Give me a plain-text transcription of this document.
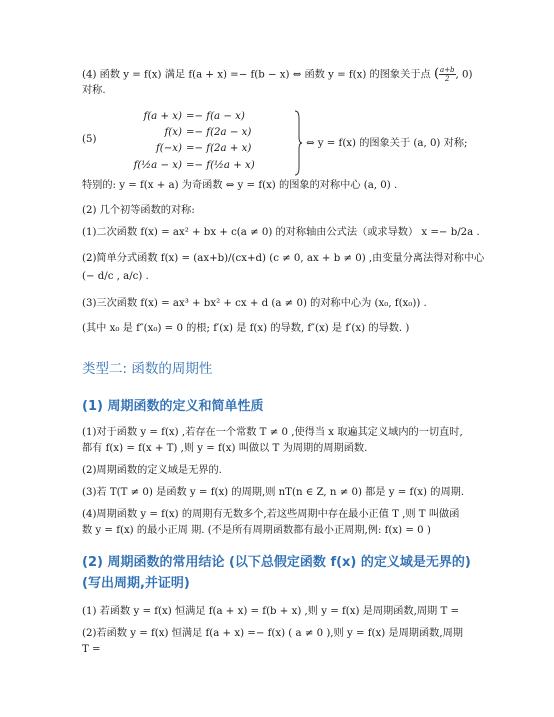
(4) 函数 y = f(x) 满足 f(a + x) =− f(b − x) ⇔ 函数 y = f(x) 的图象关于点 ( $\frac{a+b}{2}$ , 0)
对称.
(5)
f(a + x) =− f(a − x)
f(x) =− f(2a − x)
f(−x) =− f(2a + x)
f(½a − x) =− f(½a + x)
⇔ y = f(x) 的图象关于 (a, 0) 对称;
特别的: y = f(x + a) 为奇函数 ⇔ y = f(x) 的图象的对称中心 (a, 0) .
(2) 几个初等函数的对称:
(1)二次函数 f(x) = ax² + bx + c(a ≠ 0) 的对称轴由公式法（或求导数） x =− b/2a .
(2)简单分式函数 f(x) = (ax+b)/(cx+d) (c ≠ 0, ax + b ≠ 0) ,由变量分离法得对称中心
(− d/c , a/c) .
(3)三次函数 f(x) = ax³ + bx² + cx + d (a ≠ 0) 的对称中心为 (x₀, f(x₀)) .
(其中 x₀ 是 f″(x₀) = 0 的根; f′(x) 是 f(x) 的导数, f″(x) 是 f′(x) 的导数. )
类型二: 函数的周期性
(1) 周期函数的定义和简单性质
(1)对于函数 y = f(x) ,若存在一个常数 T ≠ 0 ,使得当 x 取遍其定义域内的一切直时,
都有 f(x) = f(x + T) ,则 y = f(x) 叫做以 T 为周期的周期函数.
(2)周期函数的定义域是无界的.
(3)若 T(T ≠ 0) 是函数 y = f(x) 的周期,则 nT(n ∈ Z, n ≠ 0) 都是 y = f(x) 的周期.
(4)周期函数 y = f(x) 的周期有无数多个,若这些周期中存在最小正值 T ,则 T 叫做函
数 y = f(x) 的最小正周 期. (不是所有周期函数都有最小正周期,例: f(x) = 0 )
(2) 周期函数的常用结论 (以下总假定函数 f(x) 的定义域是无界的) (写出周期,并证明)
(1) 若函数 y = f(x) 恒满足 f(a + x) = f(b + x) ,则 y = f(x) 是周期函数,周期 T =
(2)若函数 y = f(x) 恒满足 f(a + x) =− f(x) ( a ≠ 0 ),则 y = f(x) 是周期函数,周期
T =
